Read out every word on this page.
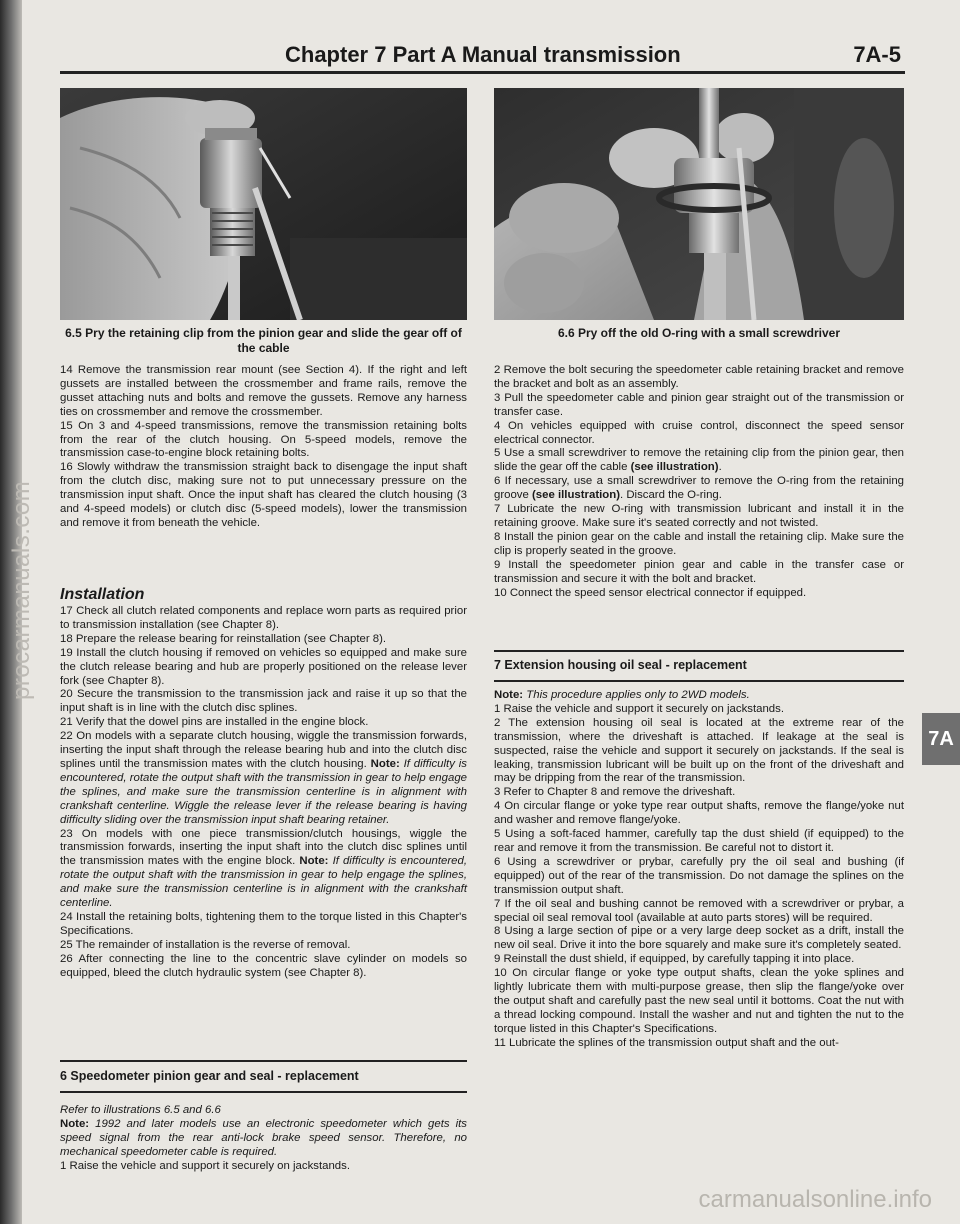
procarmanuals.com
Chapter 7 Part A Manual transmission	7A-5
6.5 Pry the retaining clip from the pinion gear and slide the gear off of the cable
6.6 Pry off the old O-ring with a small screwdriver

14 Remove the transmission rear mount (see Section 4). If the right and left gussets are installed between the crossmember and frame rails, remove the gusset attaching nuts and bolts and remove the gussets. Remove any harness ties on crossmember and remove the crossmember.

15 On 3 and 4-speed transmissions, remove the transmission retaining bolts from the rear of the clutch housing. On 5-speed models, remove the transmission case-to-engine block retaining bolts.

16 Slowly withdraw the transmission straight back to disengage the input shaft from the clutch disc, making sure not to put unnecessary pressure on the transmission input shaft. Once the input shaft has cleared the clutch housing (3 and 4-speed models) or clutch disc (5-speed models), lower the transmission and remove it from beneath the vehicle.

Installation

17 Check all clutch related components and replace worn parts as required prior to transmission installation (see Chapter 8).

18 Prepare the release bearing for reinstallation (see Chapter 8).

19 Install the clutch housing if removed on vehicles so equipped and make sure the clutch release bearing and hub are properly positioned on the release lever fork (see Chapter 8).

20 Secure the transmission to the transmission jack and raise it up so that the input shaft is in line with the clutch disc splines.

21 Verify that the dowel pins are installed in the engine block.

22 On models with a separate clutch housing, wiggle the transmission forwards, inserting the input shaft through the release bearing hub and into the clutch disc splines until the transmission mates with the clutch housing. Note: If difficulty is encountered, rotate the output shaft with the transmission in gear to help engage the splines, and make sure the transmission centerline is in alignment with crankshaft centerline. Wiggle the release lever if the release bearing is having difficulty sliding over the transmission input shaft bearing retainer.

23 On models with one piece transmission/clutch housings, wiggle the transmission forwards, inserting the input shaft into the clutch disc splines until the transmission mates with the engine block. Note: If difficulty is encountered, rotate the output shaft with the transmission in gear to help engage the splines, and make sure the transmission centerline is in alignment with the crankshaft centerline.

24 Install the retaining bolts, tightening them to the torque listed in this Chapter's Specifications.

25 The remainder of installation is the reverse of removal.

26 After connecting the line to the concentric slave cylinder on models so equipped, bleed the clutch hydraulic system (see Chapter 8).

6 Speedometer pinion gear and seal - replacement

Refer to illustrations 6.5 and 6.6

Note: 1992 and later models use an electronic speedometer which gets its speed signal from the rear anti-lock brake speed sensor. Therefore, no mechanical speedometer cable is required.

1 Raise the vehicle and support it securely on jackstands.

2 Remove the bolt securing the speedometer cable retaining bracket and remove the bracket and bolt as an assembly.

3 Pull the speedometer cable and pinion gear straight out of the transmission or transfer case.

4 On vehicles equipped with cruise control, disconnect the speed sensor electrical connector.

5 Use a small screwdriver to remove the retaining clip from the pinion gear, then slide the gear off the cable (see illustration).

6 If necessary, use a small screwdriver to remove the O-ring from the retaining groove (see illustration). Discard the O-ring.

7 Lubricate the new O-ring with transmission lubricant and install it in the retaining groove. Make sure it's seated correctly and not twisted.

8 Install the pinion gear on the cable and install the retaining clip. Make sure the clip is properly seated in the groove.

9 Install the speedometer pinion gear and cable in the transfer case or transmission and secure it with the bolt and bracket.

10 Connect the speed sensor electrical connector if equipped.

7 Extension housing oil seal - replacement

Note: This procedure applies only to 2WD models.

1 Raise the vehicle and support it securely on jackstands.

2 The extension housing oil seal is located at the extreme rear of the transmission, where the driveshaft is attached. If leakage at the seal is suspected, raise the vehicle and support it securely on jackstands. If the seal is leaking, transmission lubricant will be built up on the front of the driveshaft and may be dripping from the rear of the transmission.

3 Refer to Chapter 8 and remove the driveshaft.

4 On circular flange or yoke type rear output shafts, remove the flange/yoke nut and washer and remove flange/yoke.

5 Using a soft-faced hammer, carefully tap the dust shield (if equipped) to the rear and remove it from the transmission. Be careful not to distort it.

6 Using a screwdriver or prybar, carefully pry the oil seal and bushing (if equipped) out of the rear of the transmission. Do not damage the splines on the transmission output shaft.

7 If the oil seal and bushing cannot be removed with a screwdriver or prybar, a special oil seal removal tool (available at auto parts stores) will be required.

8 Using a large section of pipe or a very large deep socket as a drift, install the new oil seal. Drive it into the bore squarely and make sure it's completely seated.

9 Reinstall the dust shield, if equipped, by carefully tapping it into place.

10 On circular flange or yoke type output shafts, clean the yoke splines and lightly lubricate them with multi-purpose grease, then slip the flange/yoke over the output shaft and carefully past the new seal until it bottoms. Coat the nut with a thread locking compound. Install the washer and nut and tighten the nut to the torque listed in this Chapter's Specifications.

11 Lubricate the splines of the transmission output shaft and the out-

7A
carmanualsonline.info
